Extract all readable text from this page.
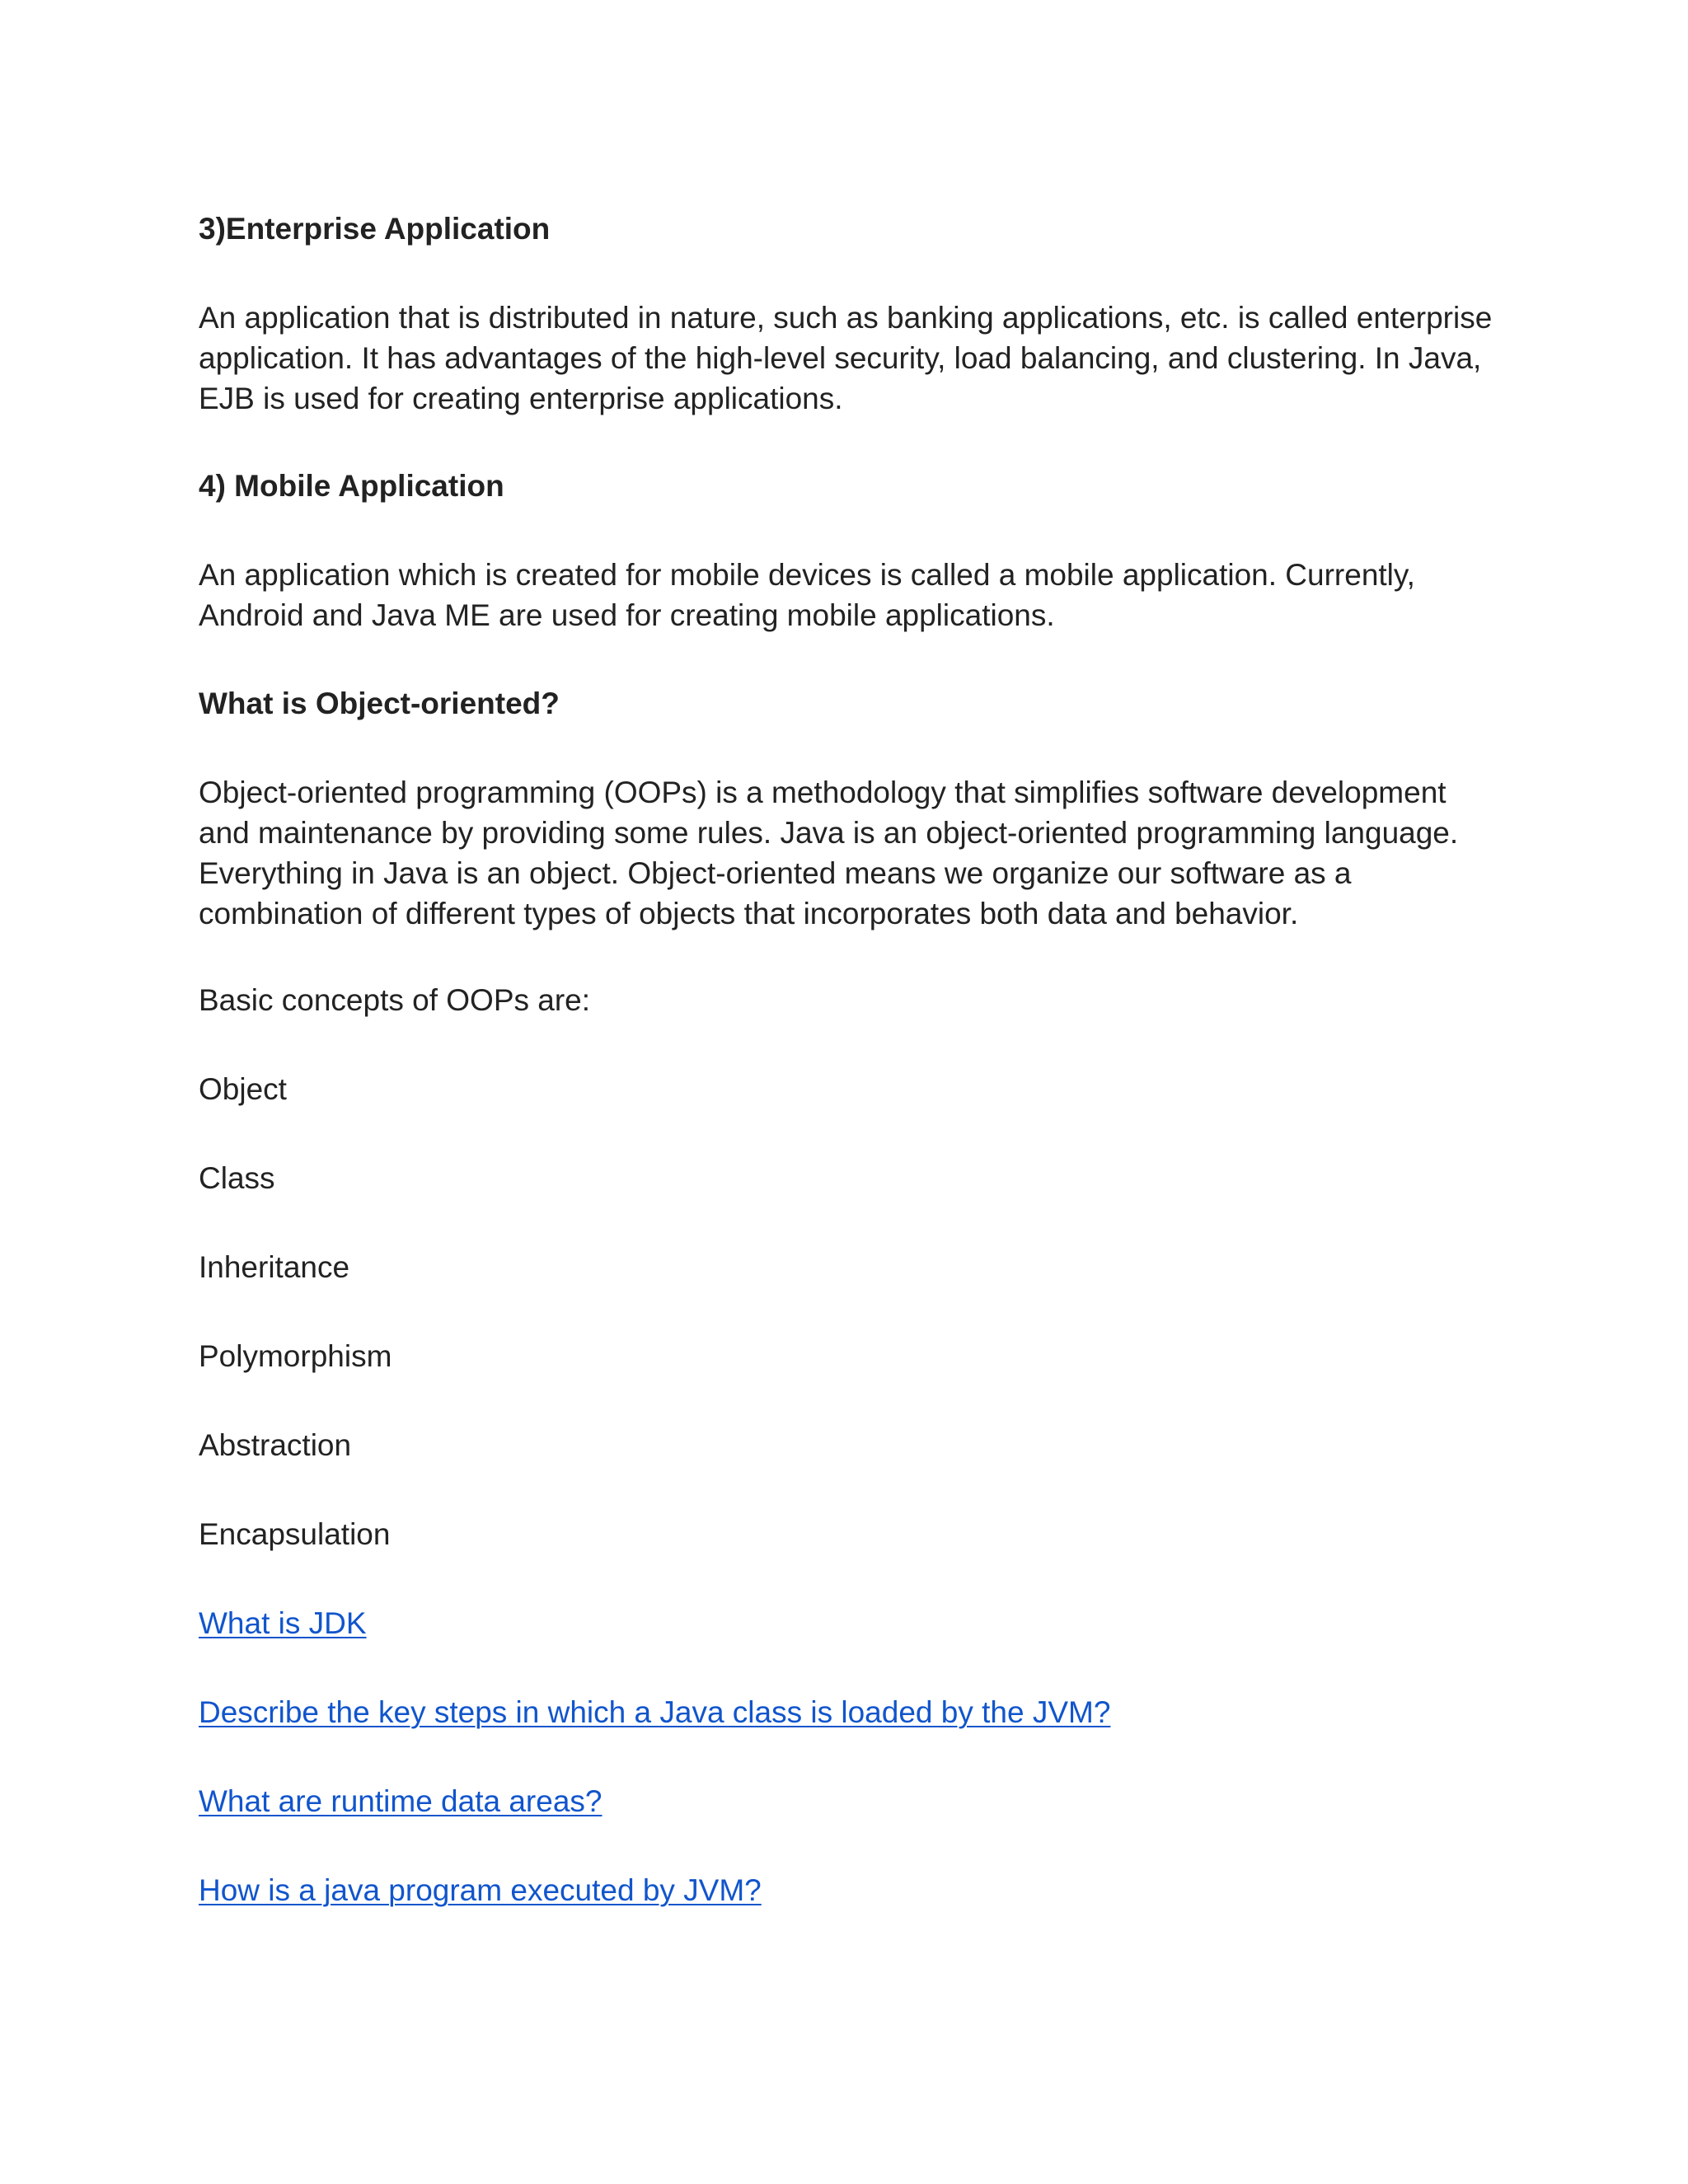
3)Enterprise Application

An application that is distributed in nature, such as banking applications, etc. is called enterprise application. It has advantages of the high-level security, load balancing, and clustering. In Java, EJB is used for creating enterprise applications.

4) Mobile Application

An application which is created for mobile devices is called a mobile application. Currently, Android and Java ME are used for creating mobile applications.

What is Object-oriented?

Object-oriented programming (OOPs) is a methodology that simplifies software development and maintenance by providing some rules. Java is an object-oriented programming language. Everything in Java is an object. Object-oriented means we organize our software as a combination of different types of objects that incorporates both data and behavior.

Basic concepts of OOPs are:

Object

Class

Inheritance

Polymorphism

Abstraction

Encapsulation

What is JDK

Describe the key steps in which a Java class is loaded by the JVM?

What are runtime data areas?

How is a java program executed by JVM?
